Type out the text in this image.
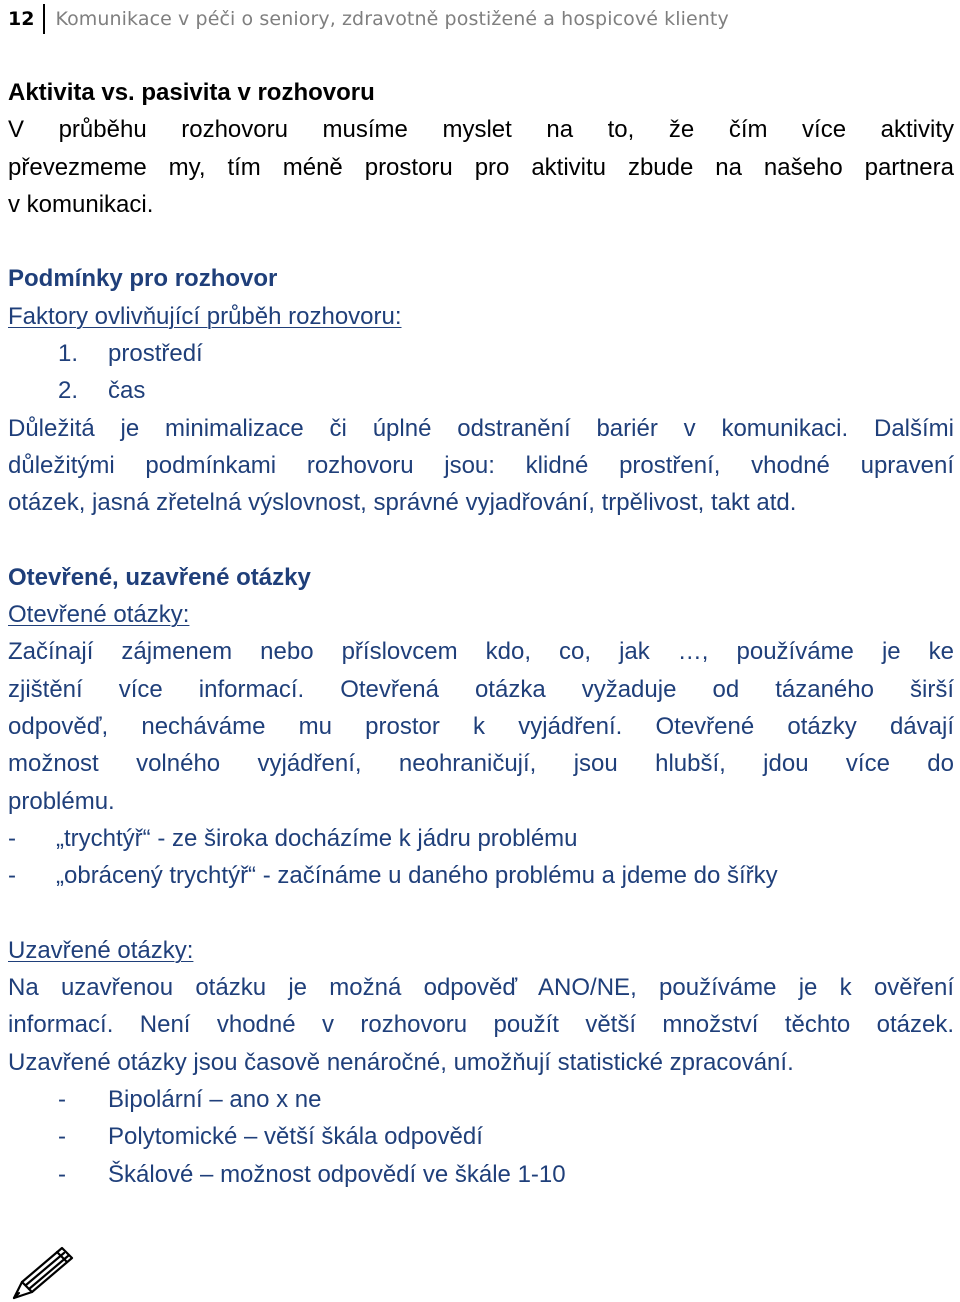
12	Komunikace v péči o seniory, zdravotně postižené a hospicové klienty
Aktivita vs. pasivita v rozhovoru
V průběhu rozhovoru musíme myslet na to, že čím více aktivity
převezmeme my, tím méně prostoru pro aktivitu zbude na našeho partnera
v komunikaci.
Podmínky pro rozhovor
Faktory ovlivňující průběh rozhovoru:
1.	prostředí
2.	čas
Důležitá je minimalizace či úplné odstranění bariér v komunikaci. Dalšími
důležitými podmínkami rozhovoru jsou: klidné prostření, vhodné upravení
otázek, jasná zřetelná výslovnost, správné vyjadřování, trpělivost, takt atd.
Otevřené, uzavřené otázky
Otevřené otázky:
Začínají zájmenem nebo příslovcem kdo, co, jak …, používáme je ke
zjištění více informací. Otevřená otázka vyžaduje od tázaného širší
odpověď, necháváme mu prostor k vyjádření. Otevřené otázky dávají
možnost volného vyjádření, neohraničují, jsou hlubší, jdou více do
problému.
-	„trychtýř“ - ze široka docházíme k jádru problému
-	„obrácený trychtýř“ - začínáme u daného problému a jdeme do šířky
Uzavřené otázky:
Na uzavřenou otázku je možná odpověď ANO/NE, používáme je k ověření
informací. Není vhodné v rozhovoru použít větší množství těchto otázek.
Uzavřené otázky jsou časově nenáročné, umožňují statistické zpracování.
-	Bipolární – ano x ne
-	Polytomické – větší škála odpovědí
-	Škálové – možnost odpovědí ve škále 1-10
